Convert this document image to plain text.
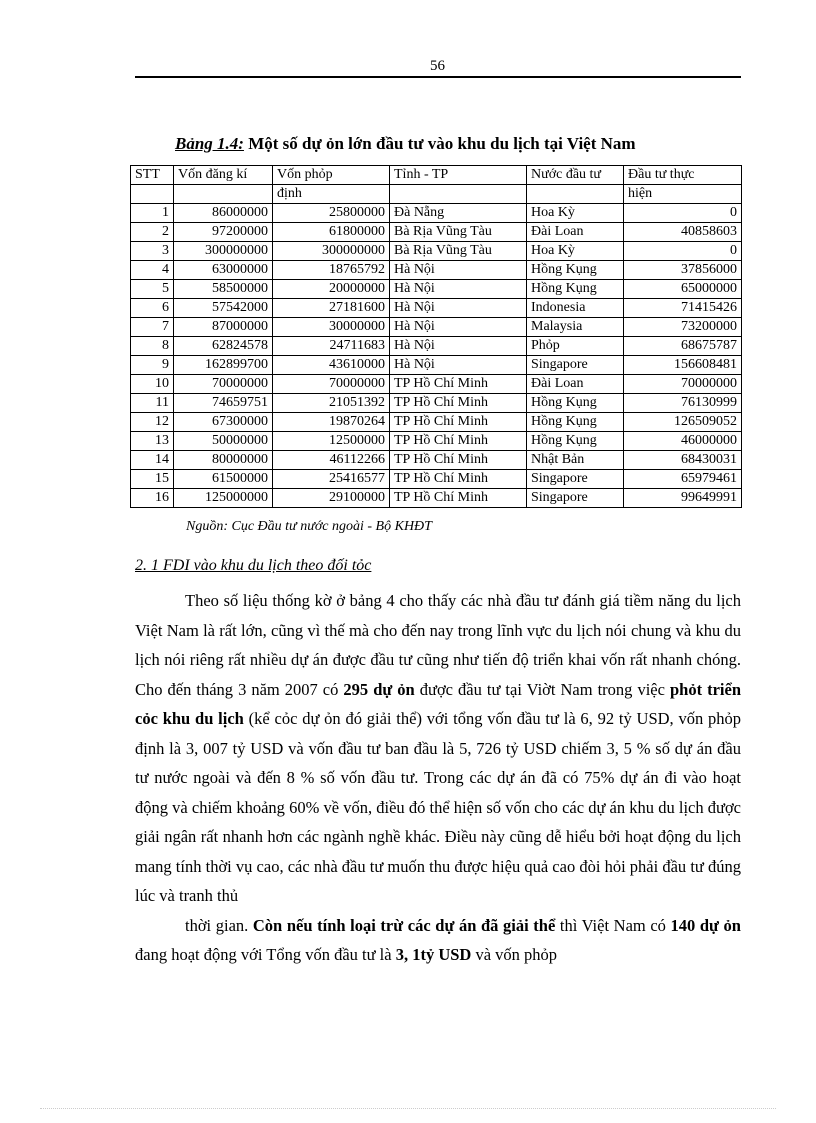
56
Bảng 1.4: Một số dự ỏn lớn đầu tư vào khu du lịch tại Việt Nam
STT	Vốn đăng kí	Vốn phỏp	Tỉnh - TP	Nước đầu tư	Đầu tư thực
		định			hiện
1	86000000	25800000	Đà Nẵng	Hoa Kỳ	0
2	97200000	61800000	Bà Rịa Vũng Tàu	Đài Loan	40858603
3	300000000	300000000	Bà Rịa Vũng Tàu	Hoa Kỳ	0
4	63000000	18765792	Hà Nội	Hồng Kụng	37856000
5	58500000	20000000	Hà Nội	Hồng Kụng	65000000
6	57542000	27181600	Hà Nội	Indonesia	71415426
7	87000000	30000000	Hà Nội	Malaysia	73200000
8	62824578	24711683	Hà Nội	Phỏp	68675787
9	162899700	43610000	Hà Nội	Singapore	156608481
10	70000000	70000000	TP Hồ Chí Minh	Đài Loan	70000000
11	74659751	21051392	TP Hồ Chí Minh	Hồng Kụng	76130999
12	67300000	19870264	TP Hồ Chí Minh	Hồng Kụng	126509052
13	50000000	12500000	TP Hồ Chí Minh	Hồng Kụng	46000000
14	80000000	46112266	TP Hồ Chí Minh	Nhật Bản	68430031
15	61500000	25416577	TP Hồ Chí Minh	Singapore	65979461
16	125000000	29100000	TP Hồ Chí Minh	Singapore	99649991
Nguồn: Cục Đầu tư nước ngoài - Bộ KHĐT
2. 1 FDI vào khu du lịch theo đối tỏc

Theo số liệu thống kờ ở bảng 4 cho thấy các nhà đầu tư đánh giá tiềm năng du lịch Việt Nam là rất lớn, cũng vì thế mà cho đến nay trong lĩnh vực du lịch nói chung và khu du lịch nói riêng rất nhiều dự án được đầu tư cũng như tiến độ triển khai vốn rất nhanh chóng. Cho đến tháng 3 năm 2007 có 295 dự ỏn được đầu tư tại Viờt Nam trong việc phỏt triển cỏc khu du lịch (kể cỏc dự ỏn đó giải thể) với tổng vốn đầu tư là 6, 92 tỷ USD, vốn phỏp định là 3, 007 tỷ USD và vốn đầu tư ban đầu là 5, 726 tỷ USD chiếm 3, 5 % số dự án đầu tư nước ngoài và đến 8 % số vốn đầu tư. Trong các dự án đã có 75% dự án đi vào hoạt động và chiếm khoảng 60% về vốn, điều đó thể hiện số vốn cho các dự án khu du lịch được giải ngân rất nhanh hơn các ngành nghề khác. Điều này cũng dễ hiểu bởi hoạt động du lịch mang tính thời vụ cao, các nhà đầu tư muốn thu được hiệu quả cao đòi hỏi phải đầu tư đúng lúc và tranh thủ

thời gian. Còn nếu tính loại trừ các dự án đã giải thể thì Việt Nam có 140 dự ỏn đang hoạt động với Tổng vốn đầu tư là 3, 1tỷ USD và vốn phỏp
